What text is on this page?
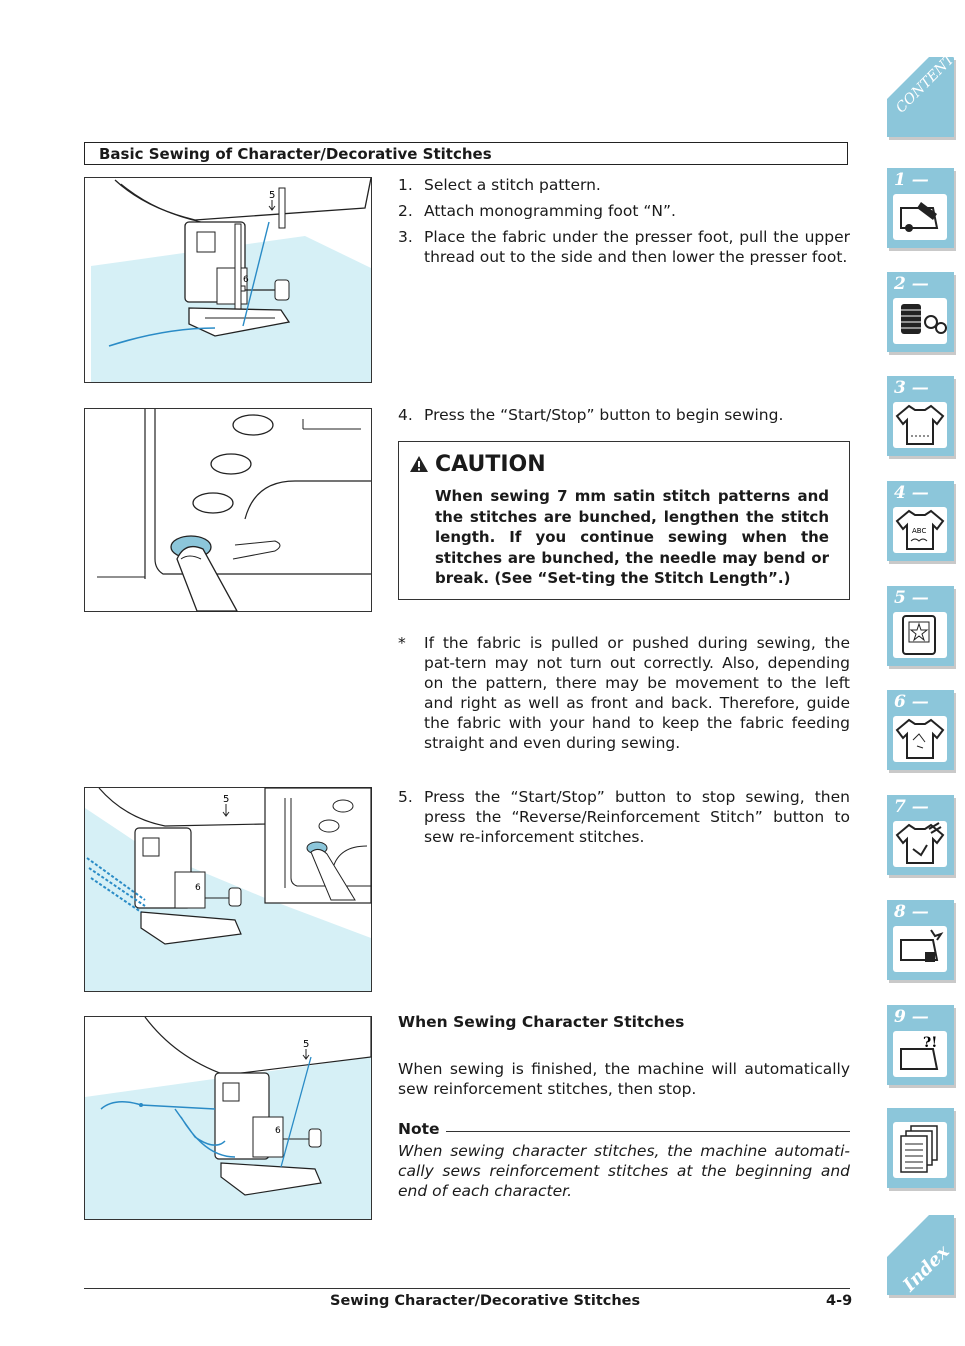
Basic Sewing of Character/Decorative Stitches
6
5
1. Select a stitch pattern.
2. Attach monogramming foot “N”.
3. Place the fabric under the presser foot, pull the upper thread out to the side and then lower the presser foot.
4. Press the “Start/Stop” button to begin sewing.
CAUTION
When sewing 7 mm satin stitch patterns and the stitches are bunched, lengthen the stitch length. If you continue sewing when the stitches are bunched, the needle may bend or break. (See “Set-ting the Stitch Length”.)
* If the fabric is pulled or pushed during sewing, the pat-tern may not turn out correctly. Also, depending on the pattern, there may be movement to the left and right as well as front and back. Therefore, guide the fabric with your hand to keep the fabric feeding straight and even during sewing.
6
5	5. Press the “Start/Stop” button to stop sewing, then press the “Reverse/Reinforcement Stitch” button to sew re-inforcement stitches.
6
5
When Sewing Character Stitches
When sewing is finished, the machine will automatically sew reinforcement stitches, then stop.
Note
When sewing character stitches, the machine automati-cally sews reinforcement stitches at the beginning and end of each character.
Sewing Character/Decorative Stitches	4-9
CONTENTS
1 —
2 —
3 —
4 —
ABC
5 —
6 —
7 —
8 —
9 —
?!
Index
